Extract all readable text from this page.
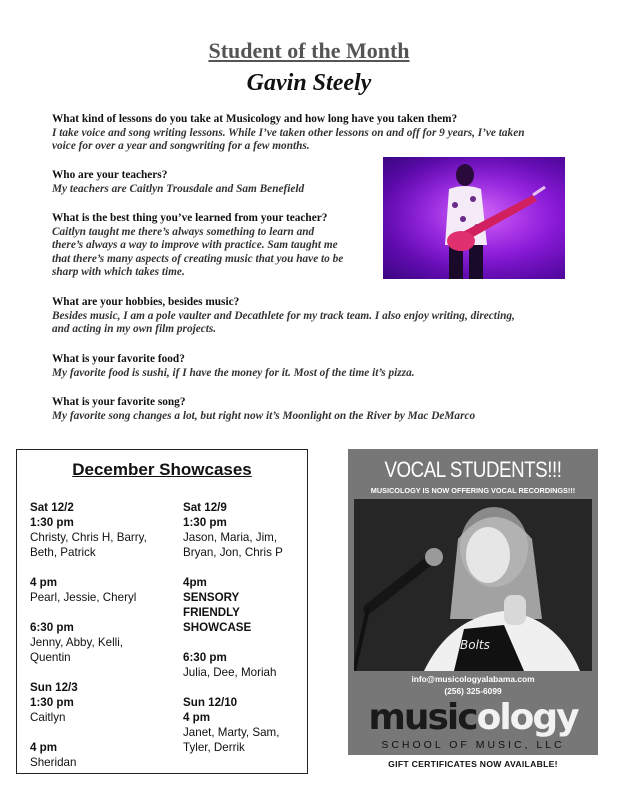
Student of the Month
Gavin Steely
What kind of lessons do you take at Musicology and how long have you taken them?
I take voice and song writing lessons. While I’ve taken other lessons on and off for 9 years, I’ve taken
voice for over a year and songwriting for a few months.
Who are your teachers?
My teachers are Caitlyn Trousdale and Sam Benefield
What is the best thing you’ve learned from your teacher?
Caitlyn taught me there’s always something to learn and
there’s always a way to improve with practice. Sam taught me
that there’s many aspects of creating music that you have to be
sharp with which takes time.
What are your hobbies, besides music?
Besides music, I am a pole vaulter and Decathlete for my track team. I also enjoy writing, directing,
and acting in my own film projects.
What is your favorite food?
My favorite food is sushi, if I have the money for it. Most of the time it’s pizza.
What is your favorite song?
My favorite song changes a lot, but right now it’s Moonlight on the River by Mac DeMarco
December Showcases
Sat 12/2
1:30 pm
Christy, Chris H, Barry,
Beth, Patrick
4 pm
Pearl, Jessie, Cheryl
6:30 pm
Jenny, Abby, Kelli,
Quentin
Sun 12/3
1:30 pm
Caitlyn
4 pm
Sheridan
Sat 12/9
1:30 pm
Jason, Maria, Jim,
Bryan, Jon, Chris P
4pm
SENSORY
FRIENDLY
SHOWCASE
6:30 pm
Julia, Dee, Moriah
Sun 12/10
4 pm
Janet, Marty, Sam,
Tyler, Derrik
VOCAL STUDENTS!!!
MUSICOLOGY IS NOW OFFERING VOCAL RECORDINGS!!!
Bolts
info@musicologyalabama.com
(256) 325-6099
musicology
SCHOOL OF MUSIC, LLC
GIFT CERTIFICATES NOW AVAILABLE!
